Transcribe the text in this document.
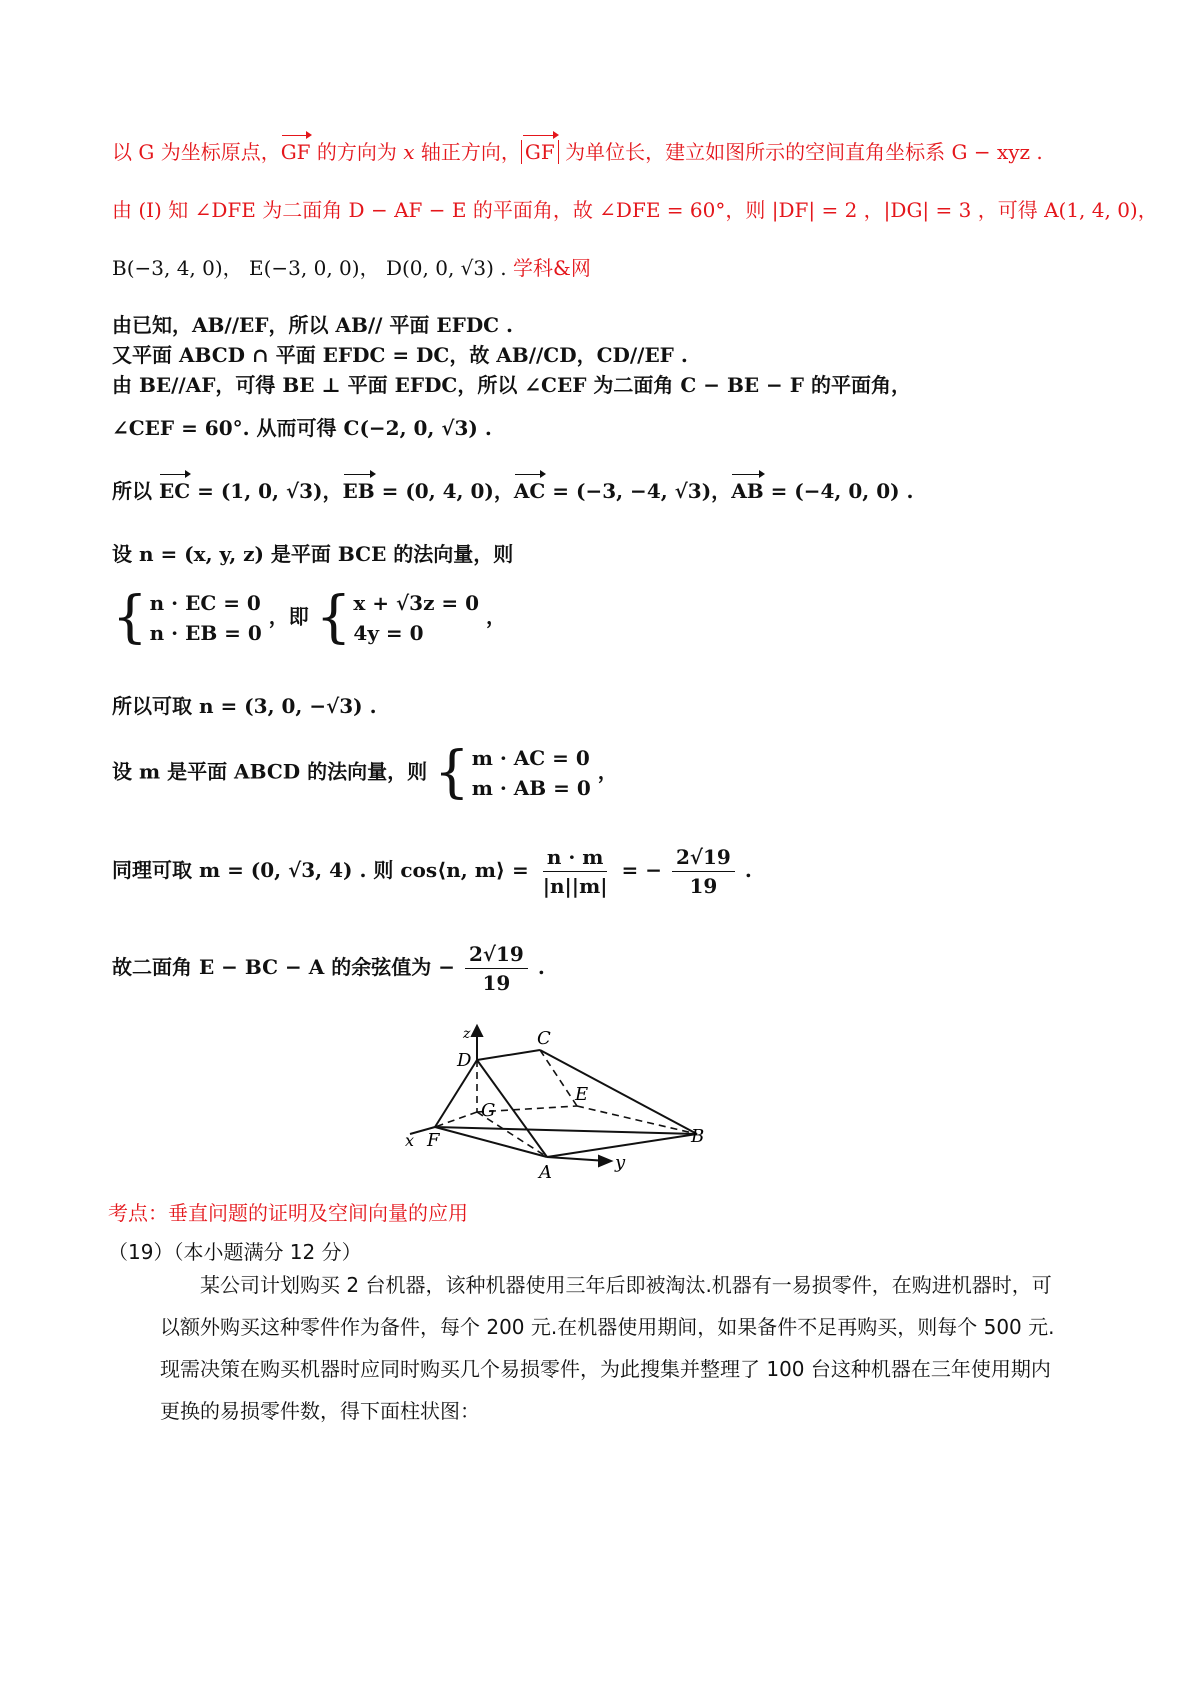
以 G 为坐标原点，GF 的方向为 x 轴正方向， GF 为单位长，建立如图所示的空间直角坐标系 G − xyz .
由 (I) 知 ∠DFE 为二面角 D − AF − E 的平面角，故 ∠DFE = 60°，则 |DF| = 2 ，|DG| = 3 ，可得 A(1, 4, 0)，
B(−3, 4, 0)， E(−3, 0, 0)， D(0, 0, √3) . 学科&网
由已知，AB//EF，所以 AB// 平面 EFDC .
又平面 ABCD ∩ 平面 EFDC = DC，故 AB//CD，CD//EF .
由 BE//AF，可得 BE ⊥ 平面 EFDC，所以 ∠CEF 为二面角 C − BE − F 的平面角，
∠CEF = 60°. 从而可得 C(−2, 0, √3) .
所以 EC = (1, 0, √3)，EB = (0, 4, 0)，AC = (−3, −4, √3)，AB = (−4, 0, 0) .
设 n = (x, y, z) 是平面 BCE 的法向量，则
{ n · EC = 0
n · EB = 0
，即 { x + √3z = 0
4y = 0
，
所以可取 n = (3, 0, −√3) .
设 m 是平面 ABCD 的法向量，则 { m · AC = 0
m · AB = 0
，
同理可取 m = (0, √3, 4) . 则 cos⟨n, m⟩ = $\frac{n \cdot m}{|n||m|}$ = − $\frac{2√19}{19}$ .
故二面角 E − BC − A 的余弦值为 − $\frac{2√19}{19}$ .
z
D
C
E
G
x F
A	y
B
考点：垂直问题的证明及空间向量的应用
（19）（本小题满分 12 分）
某公司计划购买 2 台机器，该种机器使用三年后即被淘汰.机器有一易损零件，在购进机器时，可以额外购买这种零件作为备件，每个 200 元.在机器使用期间，如果备件不足再购买，则每个 500 元.现需决策在购买机器时应同时购买几个易损零件，为此搜集并整理了 100 台这种机器在三年使用期内更换的易损零件数，得下面柱状图：
